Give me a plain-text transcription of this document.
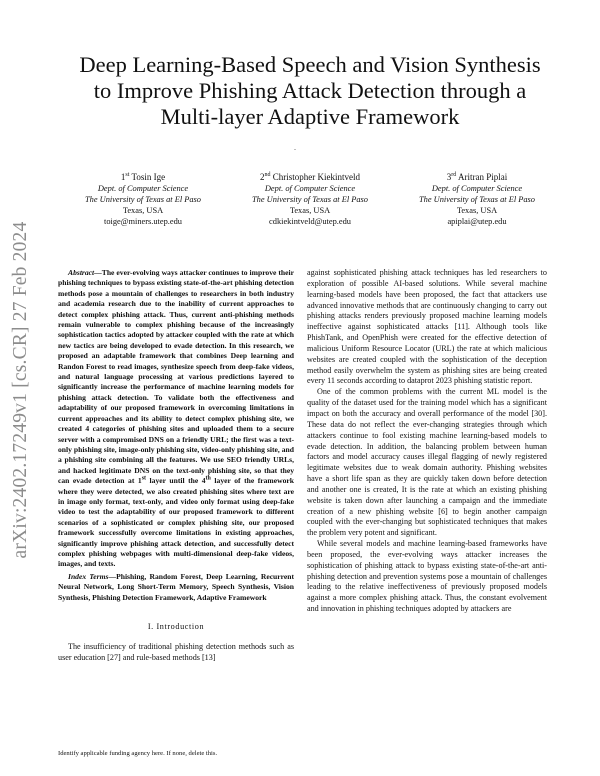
arXiv:2402.17249v1 [cs.CR] 27 Feb 2024
Deep Learning-Based Speech and Vision Synthesis
to Improve Phishing Attack Detection through a
Multi-layer Adaptive Framework
.
1st Tosin Ige
Dept. of Computer Science
The University of Texas at El Paso
Texas, USA
toige@miners.utep.edu
2nd Christopher Kiekintveld
Dept. of Computer Science
The University of Texas at El Paso
Texas, USA
cdkiekintveld@utep.edu
3rd Aritran Piplai
Dept. of Computer Science
The University of Texas at El Paso
Texas, USA
apiplai@utep.edu

Abstract—The ever-evolving ways attacker continues to improve their phishing techniques to bypass existing state-of-the-art phishing detection methods pose a mountain of challenges to researchers in both industry and academia research due to the inability of current approaches to detect complex phishing attack. Thus, current anti-phishing methods remain vulnerable to complex phishing because of the increasingly sophistication tactics adopted by attacker coupled with the rate at which new tactics are being developed to evade detection. In this research, we proposed an adaptable framework that combines Deep learning and Randon Forest to read images, synthesize speech from deep-fake videos, and natural language processing at various predictions layered to significantly increase the performance of machine learning models for phishing attack detection. To validate both the effectiveness and adaptability of our proposed framework in overcoming limitations in current approaches and its ability to detect complex phishing site, we created 4 categories of phishing sites and uploaded them to a secure server with a compromised DNS on a friendly URL; the first was a text-only phishing site, image-only phishing site, video-only phishing site, and a phishing site combining all the features. We use SEO friendly URLs, and hacked legitimate DNS on the text-only phishing site, so that they can evade detection at 1st layer until the 4th layer of the framework where they were detected, we also created phishing sites where text are in image only format, text-only, and video only format using deep-fake video to test the adaptability of our proposed framework to different scenarios of a sophisticated or complex phishing site, our proposed framework successfully overcome limitations in existing approaches, significantly improve phishing attack detection, and successfully detect complex phishing webpages with multi-dimensional deep-fake videos, images, and texts.

Index Terms—Phishing, Random Forest, Deep Learning, Recurrent Neural Network, Long Short-Term Memory, Speech Synthesis, Vision Synthesis, Phishing Detection Framework, Adaptive Framework

I. Introduction

The insufficiency of traditional phishing detection methods such as user education [27] and rule-based methods [13]

Identify applicable funding agency here. If none, delete this.

against sophisticated phishing attack techniques has led researchers to exploration of possible AI-based solutions. While several machine learning-based models have been proposed, the fact that attackers use advanced innovative methods that are continuously changing to carry out phishing attacks renders previously proposed machine learning models ineffective against sophisticated attacks [11]. Although tools like PhishTank, and OpenPhish were created for the effective detection of malicious Uniform Resource Locator (URL) the rate at which malicious websites are created coupled with the sophistication of the deception method easily overwhelm the system as phishing sites are being created every 11 seconds according to dataprot 2023 phishing statistic report.

One of the common problems with the current ML model is the quality of the dataset used for the training model which has a significant impact on both the accuracy and overall performance of the model [30]. These data do not reflect the ever-changing strategies through which attackers continue to fool existing machine learning-based models to evade detection. In addition, the balancing problem between human factors and model accuracy causes illegal flagging of newly registered legitimate websites due to weak domain authority. Phishing websites have a short life span as they are quickly taken down before detection and another one is created, It is the rate at which an existing phishing website is taken down after launching a campaign and the immediate creation of a new phishing website [6] to begin another campaign coupled with the ever-changing but sophisticated techniques that makes the problem very potent and significant.

While several models and machine learning-based frameworks have been proposed, the ever-evolving ways attacker increases the sophistication of phishing attack to bypass existing state-of-the-art anti-phishing detection and prevention systems pose a mountain of challenges leading to the relative ineffectiveness of previously proposed models against a more complex phishing attack. Thus, the constant evolvement and innovation in phishing techniques adopted by attackers are
